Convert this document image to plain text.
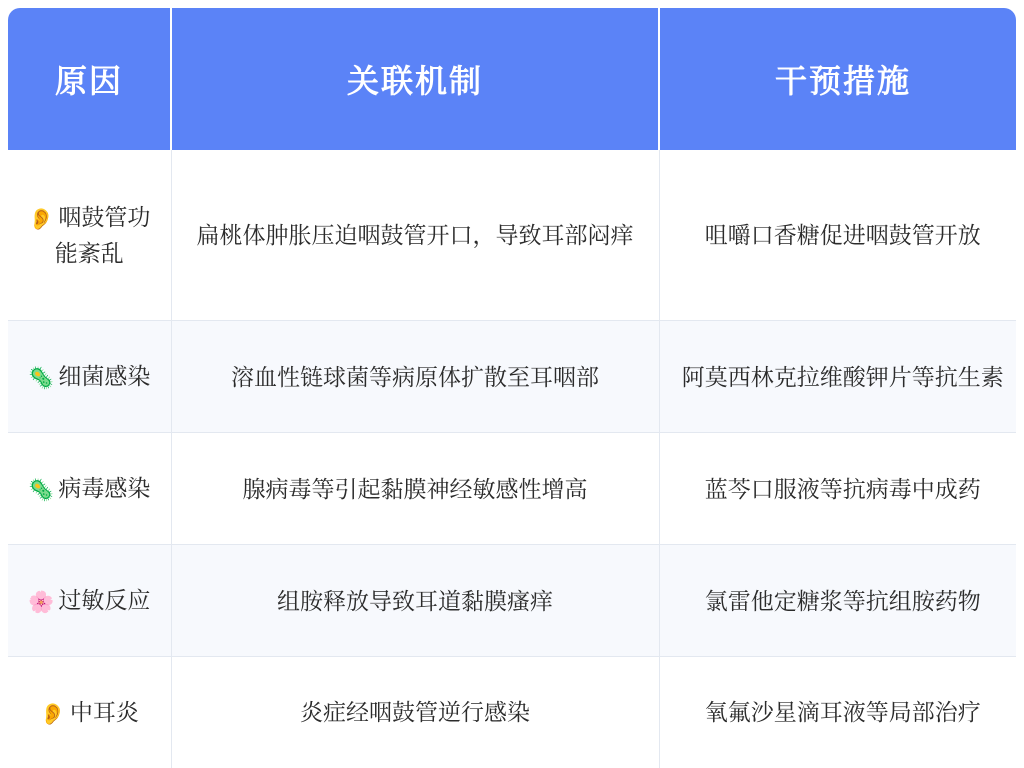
原因	关联机制	干预措施
👂 咽鼓管功能紊乱	扁桃体肿胀压迫咽鼓管开口，导致耳部闷痒	咀嚼口香糖促进咽鼓管开放
🦠 细菌感染	溶血性链球菌等病原体扩散至耳咽部	阿莫西林克拉维酸钾片等抗生素
🦠 病毒感染	腺病毒等引起黏膜神经敏感性增高	蓝芩口服液等抗病毒中成药
🌸 过敏反应	组胺释放导致耳道黏膜瘙痒	氯雷他定糖浆等抗组胺药物
👂 中耳炎	炎症经咽鼓管逆行感染	氧氟沙星滴耳液等局部治疗
